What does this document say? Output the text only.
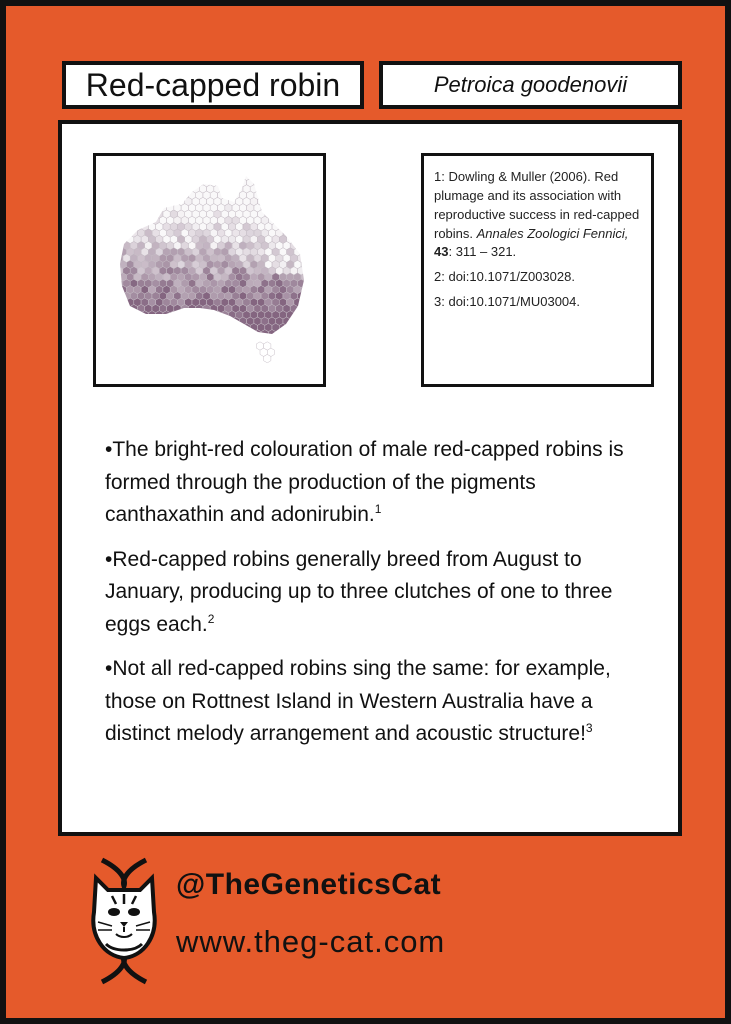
Red-capped robin	Petroica goodenovii

1: Dowling & Muller (2006). Red plumage and its association with reproductive success in red-capped robins. Annales Zoologici Fennici, 43: 311 – 321.

2: doi:10.1071/Z003028.

3: doi:10.1071/MU03004.

•The bright-red colouration of male red-capped robins is formed through the production of the pigments canthaxathin and adonirubin.$^1$

•Red-capped robins generally breed from August to January, producing up to three clutches of one to three eggs each.$^2$

•Not all red-capped robins sing the same: for example, those on Rottnest Island in Western Australia have a distinct melody arrangement and acoustic structure!$^3$

@TheGeneticsCat
www.theg-cat.com
